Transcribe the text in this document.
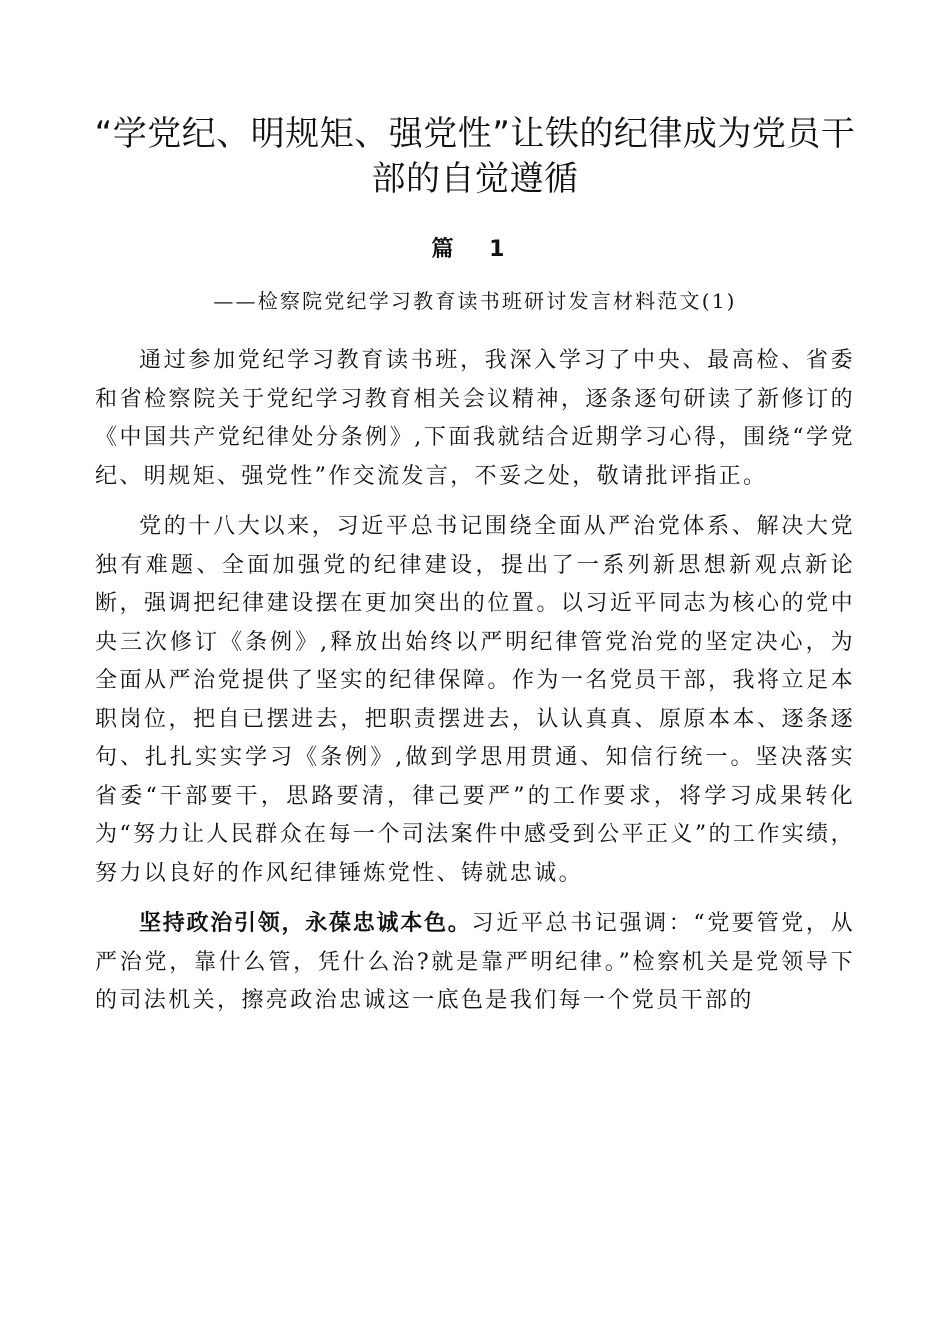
“学党纪、明规矩、强党性”让铁的纪律成为党员干部的自觉遵循
篇 1
——检察院党纪学习教育读书班研讨发言材料范文(1)

通过参加党纪学习教育读书班，我深入学习了中央、最高检、省委和省检察院关于党纪学习教育相关会议精神，逐条逐句研读了新修订的《中国共产党纪律处分条例》,下面我就结合近期学习心得，围绕“学党纪、明规矩、强党性”作交流发言，不妥之处，敬请批评指正。

党的十八大以来，习近平总书记围绕全面从严治党体系、解决大党独有难题、全面加强党的纪律建设，提出了一系列新思想新观点新论断，强调把纪律建设摆在更加突出的位置。以习近平同志为核心的党中央三次修订《条例》,释放出始终以严明纪律管党治党的坚定决心，为全面从严治党提供了坚实的纪律保障。作为一名党员干部，我将立足本职岗位，把自已摆进去，把职责摆进去，认认真真、原原本本、逐条逐句、扎扎实实学习《条例》,做到学思用贯通、知信行统一。坚决落实省委“干部要干，思路要清，律己要严”的工作要求，将学习成果转化为“努力让人民群众在每一个司法案件中感受到公平正义”的工作实绩，努力以良好的作风纪律锤炼党性、铸就忠诚。

坚持政治引领，永葆忠诚本色。习近平总书记强调：“党要管党，从严治党，靠什么管，凭什么治?就是靠严明纪律。”检察机关是党领导下的司法机关，擦亮政治忠诚这一底色是我们每一个党员干部的
